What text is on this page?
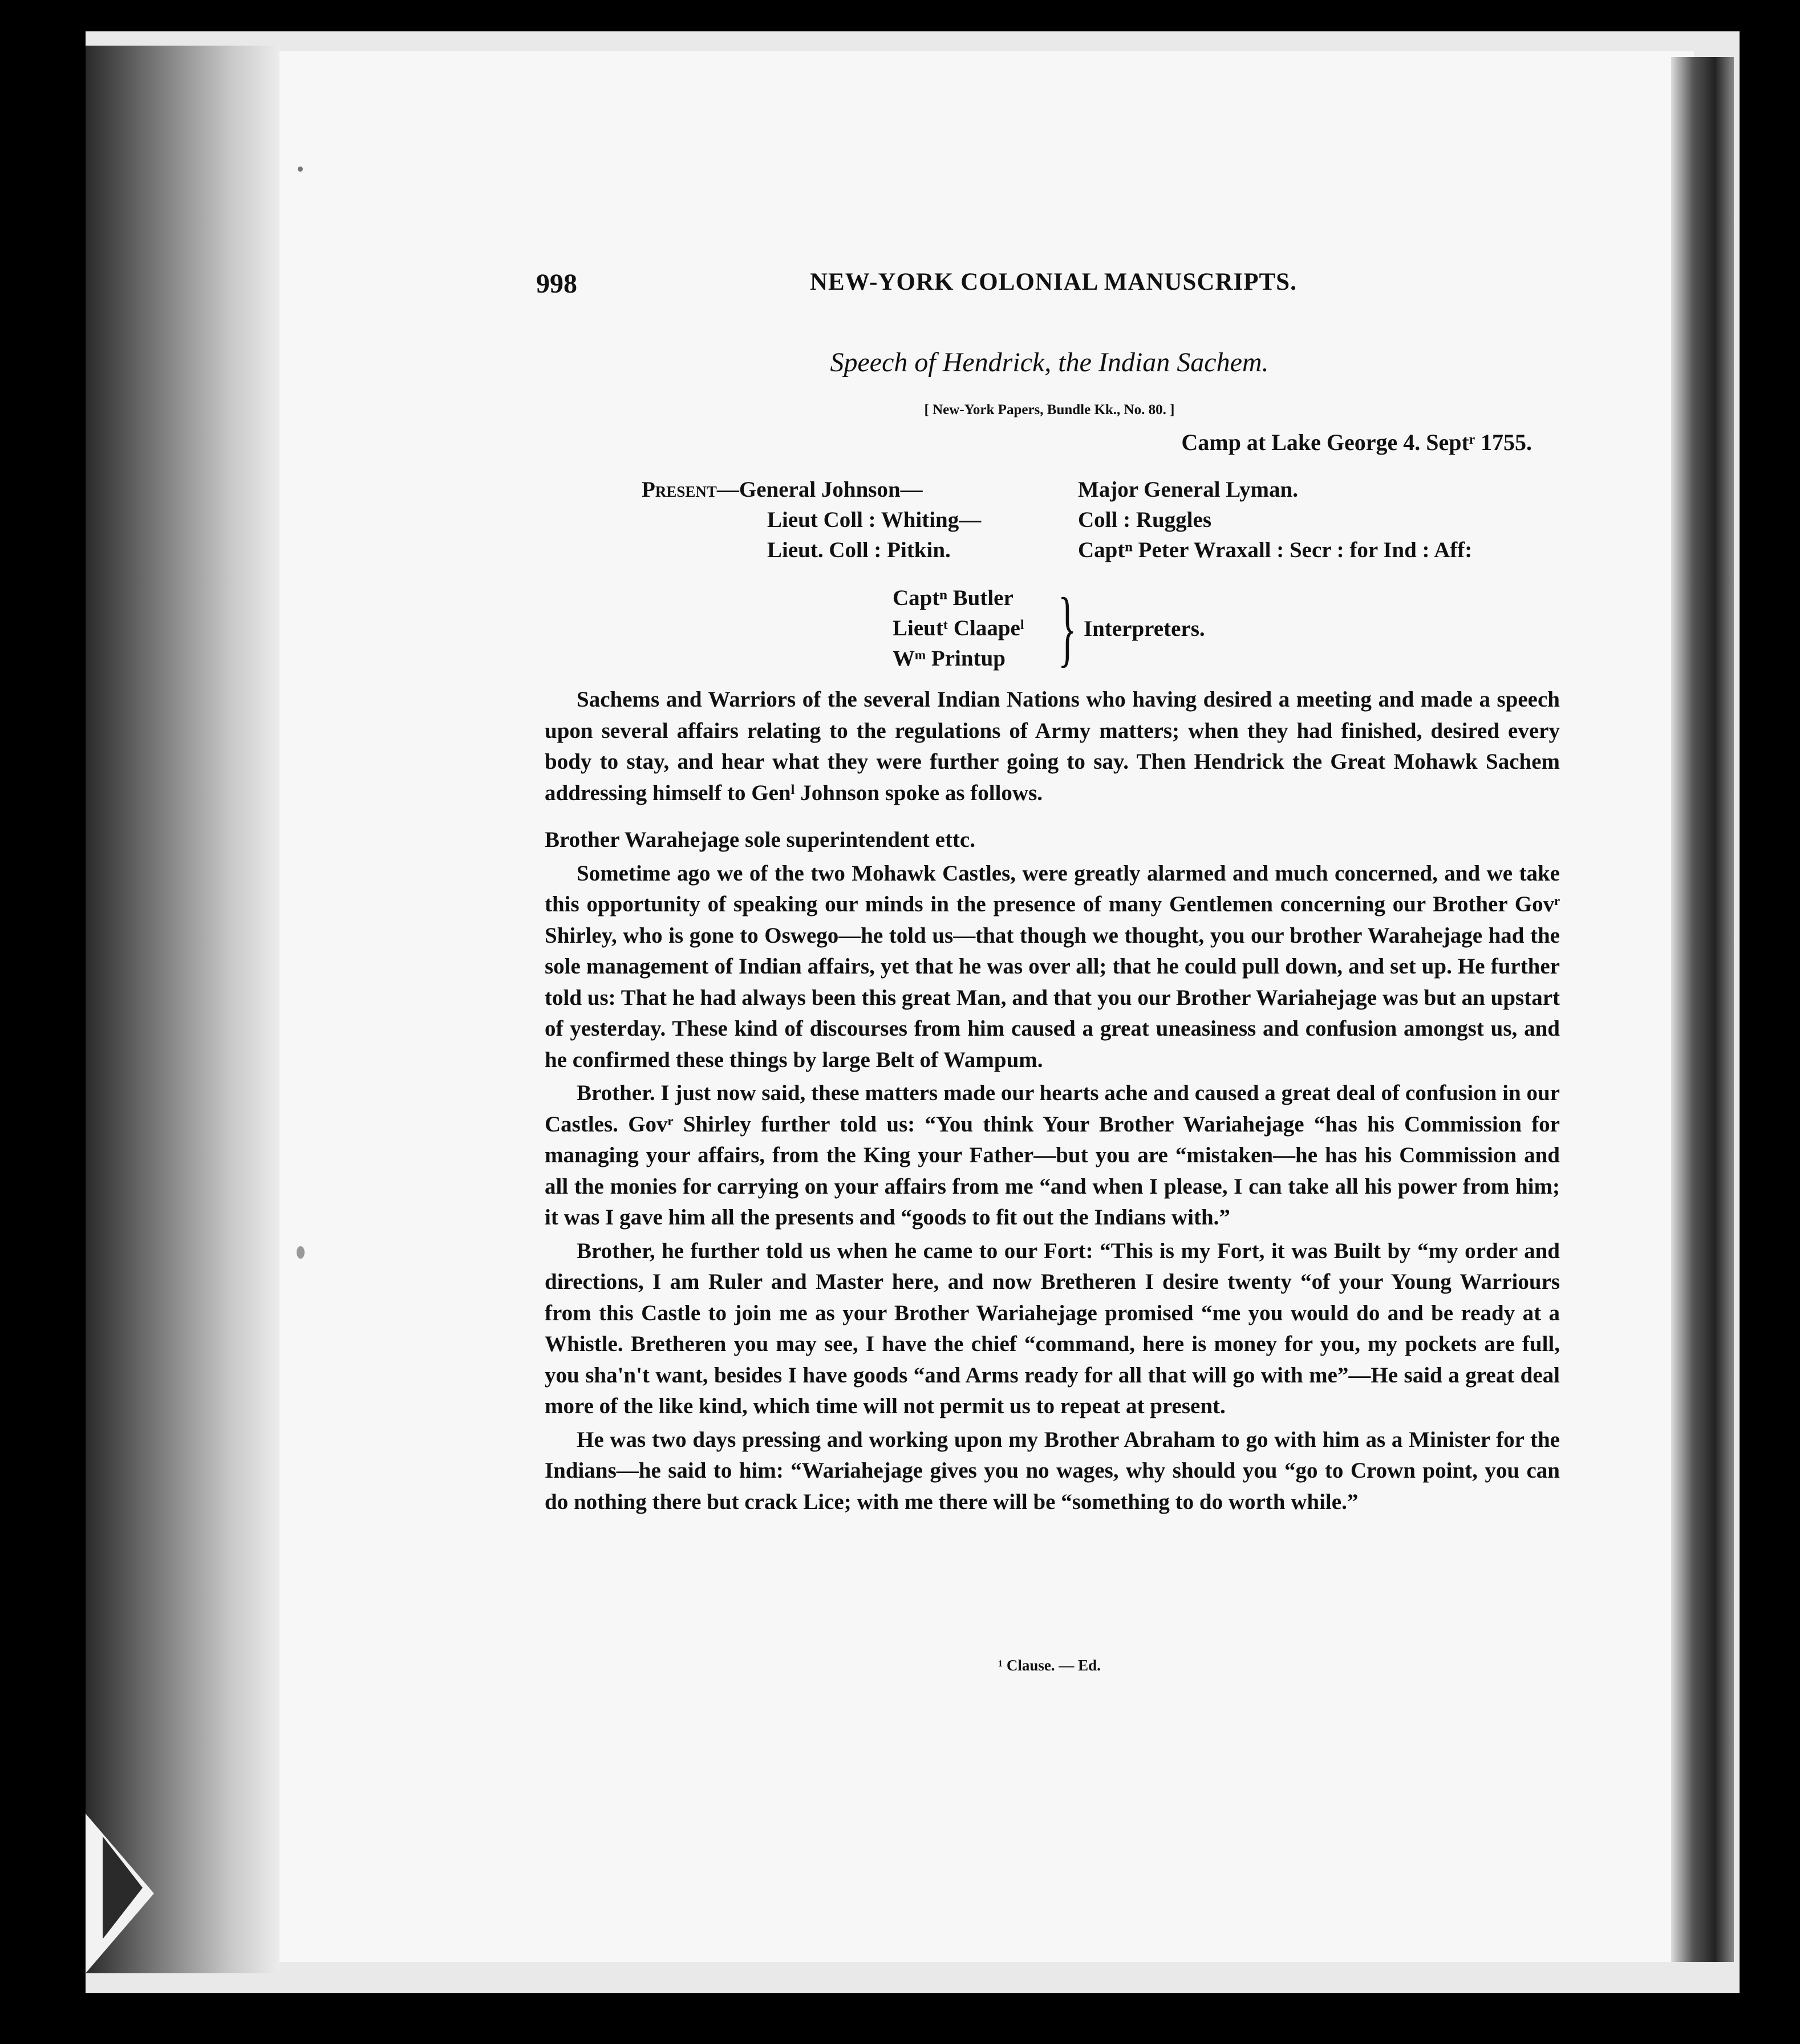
998	NEW-YORK COLONIAL MANUSCRIPTS.
Speech of Hendrick, the Indian Sachem.
[ New-York Papers, Bundle Kk., No. 80. ]
Camp at Lake George 4. Septʳ 1755.
Present—General Johnson—
Lieut Coll : Whiting—
Lieut. Coll : Pitkin.
Major General Lyman.
Coll : Ruggles
Captⁿ Peter Wraxall : Secr : for Ind : Aff:
Captⁿ Butler
Lieutᵗ Claapeˡ
Wᵐ Printup } Interpreters.

Sachems and Warriors of the several Indian Nations who having desired a meeting and made a speech upon several affairs relating to the regulations of Army matters; when they had finished, desired every body to stay, and hear what they were further going to say. Then Hendrick the Great Mohawk Sachem addressing himself to Genˡ Johnson spoke as follows.

Brother Warahejage sole superintendent ettc.

Sometime ago we of the two Mohawk Castles, were greatly alarmed and much concerned, and we take this opportunity of speaking our minds in the presence of many Gentlemen concerning our Brother Govʳ Shirley, who is gone to Oswego—he told us—that though we thought, you our brother Warahejage had the sole management of Indian affairs, yet that he was over all; that he could pull down, and set up. He further told us: That he had always been this great Man, and that you our Brother Wariahejage was but an upstart of yesterday. These kind of discourses from him caused a great uneasiness and confusion amongst us, and he confirmed these things by large Belt of Wampum.

Brother. I just now said, these matters made our hearts ache and caused a great deal of confusion in our Castles. Govʳ Shirley further told us: “You think Your Brother Wariahejage “has his Commission for managing your affairs, from the King your Father—but you are “mistaken—he has his Commission and all the monies for carrying on your affairs from me “and when I please, I can take all his power from him; it was I gave him all the presents and “goods to fit out the Indians with.”

Brother, he further told us when he came to our Fort: “This is my Fort, it was Built by “my order and directions, I am Ruler and Master here, and now Bretheren I desire twenty “of your Young Warriours from this Castle to join me as your Brother Wariahejage promised “me you would do and be ready at a Whistle. Bretheren you may see, I have the chief “command, here is money for you, my pockets are full, you sha'n't want, besides I have goods “and Arms ready for all that will go with me”—He said a great deal more of the like kind, which time will not permit us to repeat at present.

He was two days pressing and working upon my Brother Abraham to go with him as a Minister for the Indians—he said to him: “Wariahejage gives you no wages, why should you “go to Crown point, you can do nothing there but crack Lice; with me there will be “something to do worth while.”

¹ Clause. — Ed.
